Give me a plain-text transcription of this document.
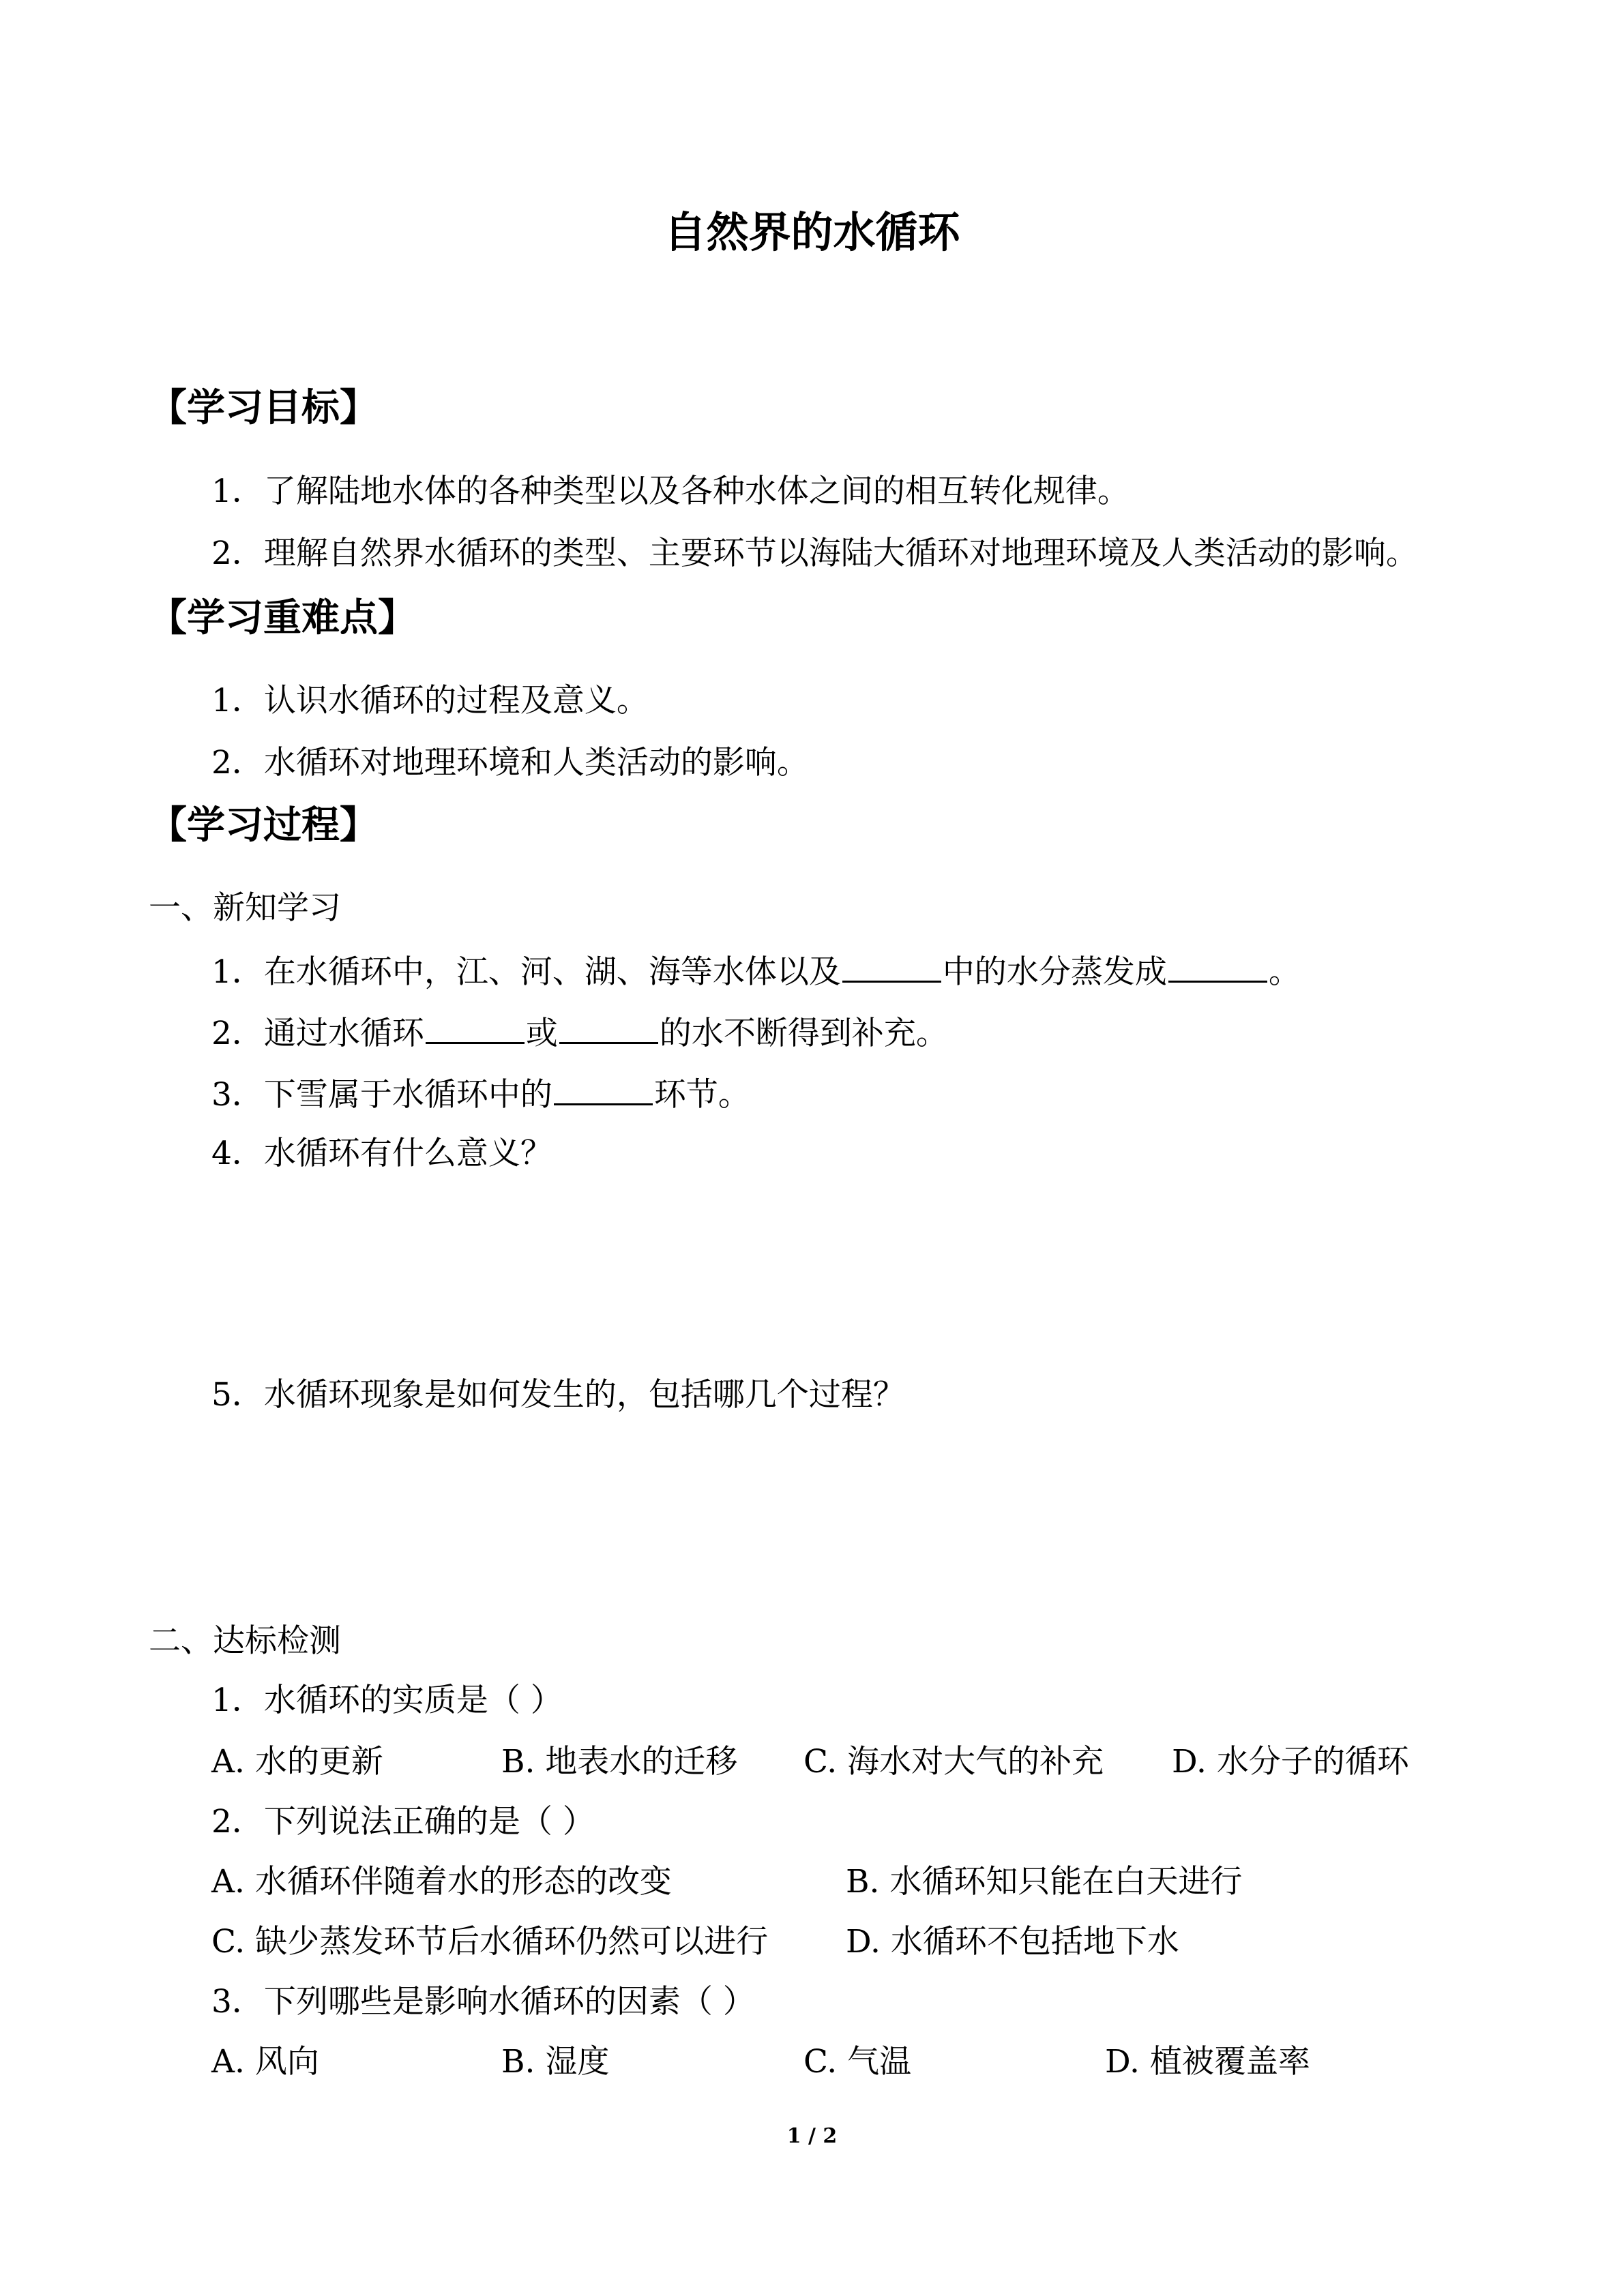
自然界的水循环
【学习目标】
1．了解陆地水体的各种类型以及各种水体之间的相互转化规律。
2．理解自然界水循环的类型、主要环节以海陆大循环对地理环境及人类活动的影响。
【学习重难点】
1．认识水循环的过程及意义。
2．水循环对地理环境和人类活动的影响。
【学习过程】
一、新知学习
1．在水循环中，江、河、湖、海等水体以及	中的水分蒸发成	。
2．通过水循环	或	的水不断得到补充。
3．下雪属于水循环中的	环节。
4．水循环有什么意义？
5．水循环现象是如何发生的，包括哪几个过程？
二、达标检测
1．水循环的实质是（ ）
A. 水的更新	B. 地表水的迁移 C. 海水对大气的补充 D. 水分子的循环
2．下列说法正确的是（ ）
A. 水循环伴随着水的形态的改变	B. 水循环知只能在白天进行
C. 缺少蒸发环节后水循环仍然可以进行 D. 水循环不包括地下水
3．下列哪些是影响水循环的因素（ ）
A. 风向	B. 湿度	C. 气温	D. 植被覆盖率
1 / 2
